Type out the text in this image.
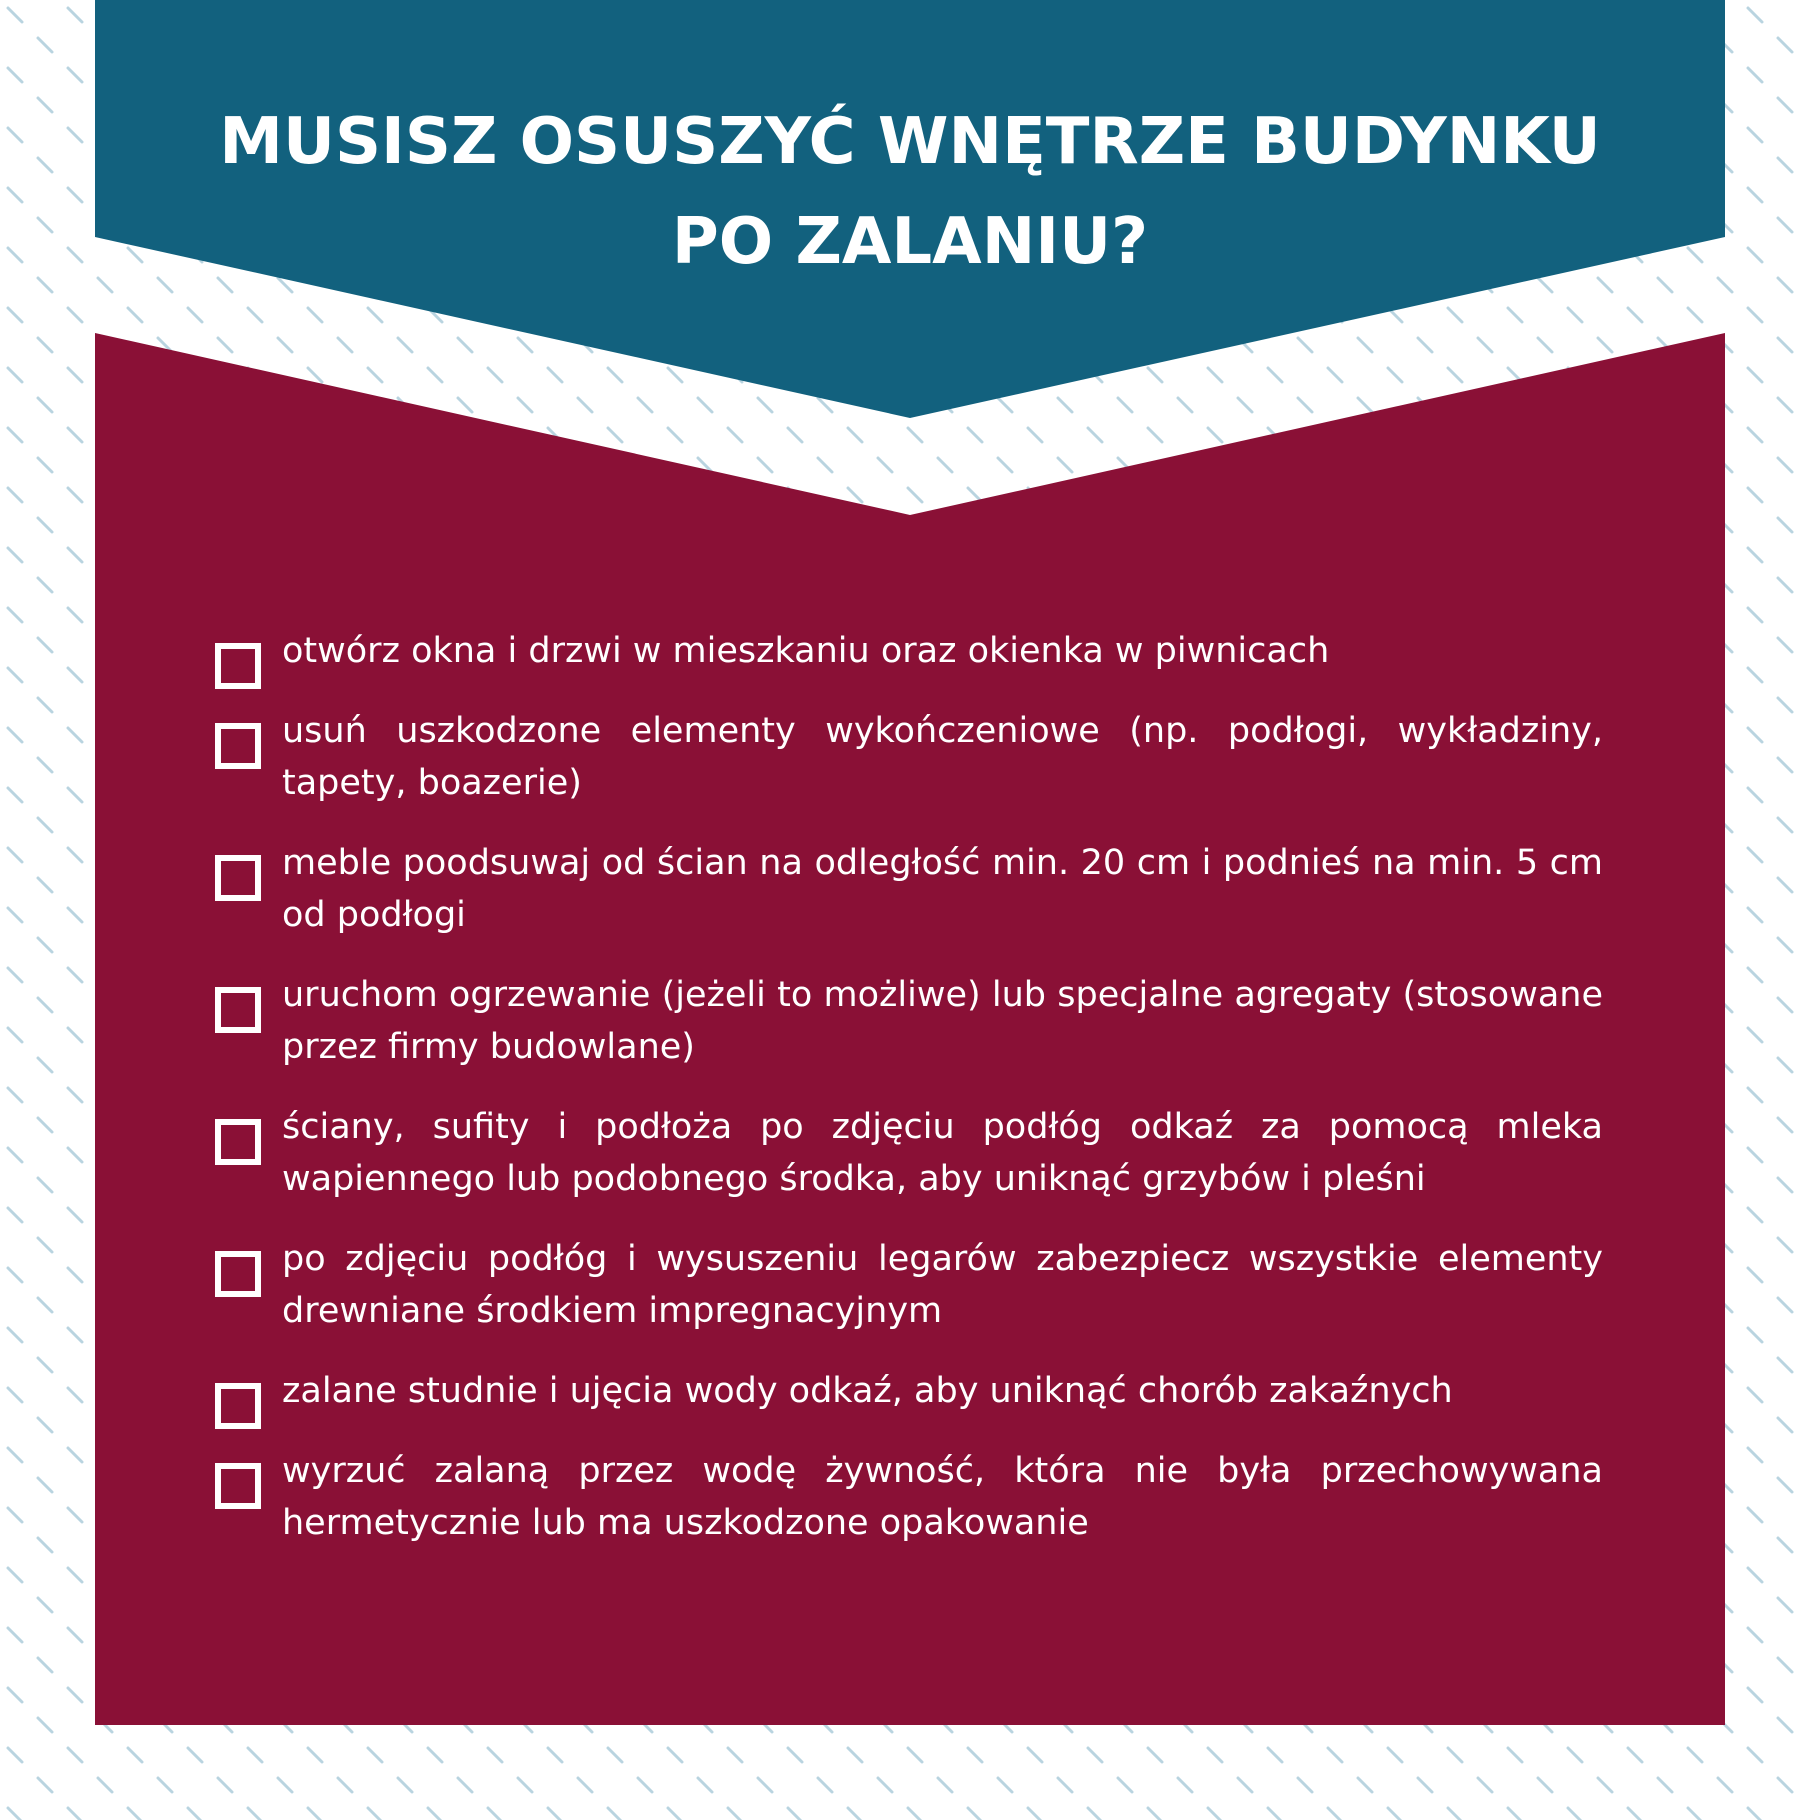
MUSISZ OSUSZYĆ WNĘTRZE BUDYNKU
PO ZALANIU?
otwórz okna i drzwi w mieszkaniu oraz okienka w piwnicach
usuń uszkodzone elementy wykończeniowe (np. podłogi, wykładziny, tapety, boazerie)
meble poodsuwaj od ścian na odległość min. 20 cm i podnieś na min. 5 cm od podłogi
uruchom ogrzewanie (jeżeli to możliwe) lub specjalne agregaty (stosowane przez firmy budowlane)
ściany, sufity i podłoża po zdjęciu podłóg odkaź za pomocą mleka wapiennego lub podobnego środka, aby uniknąć grzybów i pleśni
po zdjęciu podłóg i wysuszeniu legarów zabezpiecz wszystkie elementy drewniane środkiem impregnacyjnym
zalane studnie i ujęcia wody odkaź, aby uniknąć chorób zakaźnych
wyrzuć zalaną przez wodę żywność, która nie była przechowywana hermetycznie lub ma uszkodzone opakowanie
